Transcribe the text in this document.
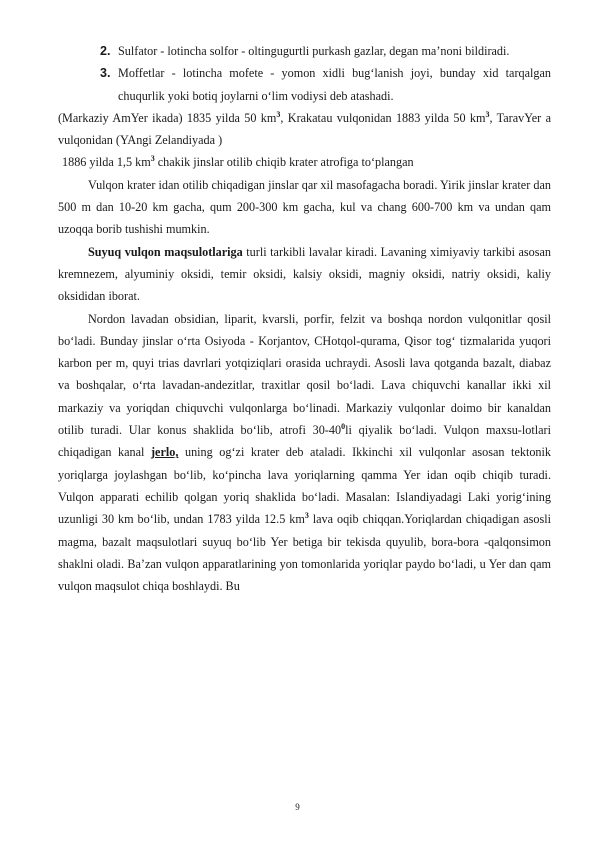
2. Sulfator - lotincha solfor - oltingugurtli purkash gazlar, degan ma’noni bildiradi.
3. Moffetlar - lotincha mofete - yomon xidli bug‘lanish joyi, bunday xid tarqalgan chuqurlik yoki botiq joylarni o‘lim vodiysi deb atashadi.

(Markaziy AmYer ikada) 1835 yilda 50 $km^3$, Krakatau vulqonidan 1883 yilda 50 $km^3$, TaravYer a vulqonidan (YAngi Zelandiyada )

1886 yilda 1,5 $km^3$ chakik jinslar otilib chiqib krater atrofiga to‘plangan

Vulqon krater idan otilib chiqadigan jinslar qar xil masofagacha boradi. Yirik jinslar krater dan 500 m dan 10-20 km gacha, qum 200-300 km gacha, kul va chang 600-700 km va undan qam uzoqqa borib tushishi mumkin.

Suyuq vulqon maqsulotlariga turli tarkibli lavalar kiradi. Lavaning ximiyaviy tarkibi asosan kremnezem, alyuminiy oksidi, temir oksidi, kalsiy oksidi, magniy oksidi, natriy oksidi, kaliy oksididan iborat.

Nordon lavadan obsidian, liparit, kvarsli, porfir, felzit va boshqa nordon vulqonitlar qosil bo‘ladi. Bunday jinslar o‘rta Osiyoda - Korjantov, CHotqol-qurama, Qisor tog‘ tizmalarida yuqori karbon per m, quyi trias davrlari yotqiziqlari orasida uchraydi. Asosli lava qotganda bazalt, diabaz va boshqalar, o‘rta lavadan-andezitlar, traxitlar qosil bo‘ladi. Lava chiquvchi kanallar ikki xil markaziy va yoriqdan chiquvchi vulqonlarga bo‘linadi. Markaziy vulqonlar doimo bir kanaldan otilib turadi. Ular konus shaklida bo‘lib, atrofi $30-40^0li$ qiyalik bo‘ladi. Vulqon maxsu-lotlari chiqadigan kanal jerlo, uning og‘zi krater deb ataladi. Ikkinchi xil vulqonlar asosan tektonik yoriqlarga joylashgan bo‘lib, ko‘pincha lava yoriqlarning qamma Yer idan oqib chiqib turadi. Vulqon apparati echilib qolgan yoriq shaklida bo‘ladi. Masalan: Islandiyadagi Laki yorig‘ining uzunligi 30 km bo‘lib, undan 1783 yilda 12.5 $km^3$ lava oqib chiqqan.Yoriqlardan chiqadigan asosli magma, bazalt maqsulotlari suyuq bo‘lib Yer betiga bir tekisda quyulib, bora-bora -qalqonsimon shaklni oladi. Ba’zan vulqon apparatlarining yon tomonlarida yoriqlar paydo bo‘ladi, u Yer dan qam vulqon maqsulot chiqa boshlaydi. Bu

9
